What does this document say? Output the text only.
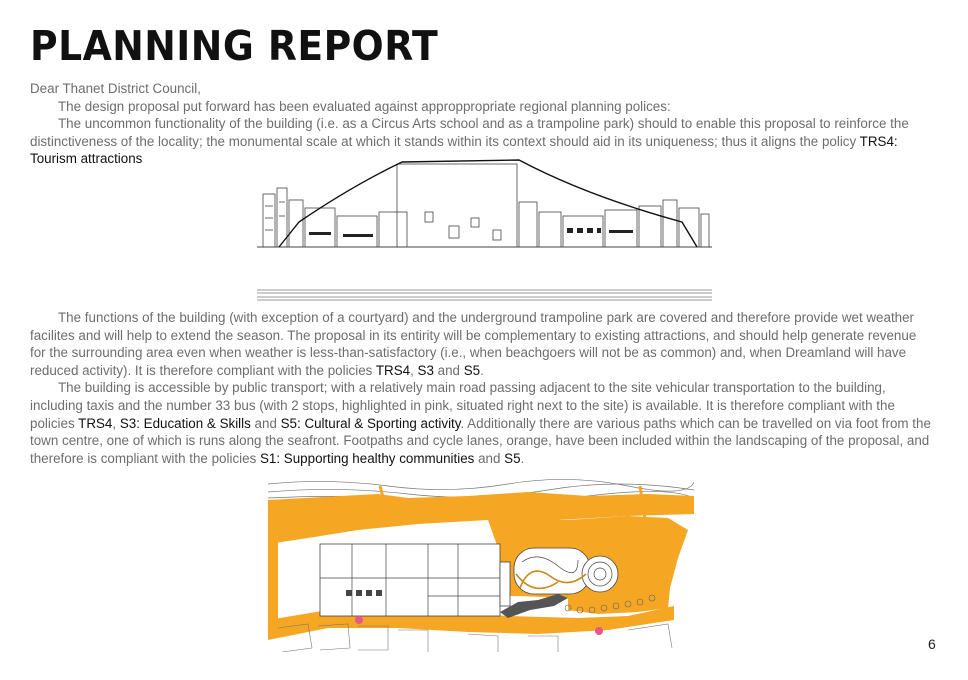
PLANNING REPORT

Dear Thanet District Council,

The design proposal put forward has been evaluated against approppropriate regional planning polices:

The uncommon functionality of the building (i.e. as a Circus Arts school and as a trampoline park) should to enable this proposal to reinforce the distinctiveness of the locality; the monumental scale at which it stands within its context should aid in its uniqueness; thus it aligns the policy TRS4: Tourism attractions

The functions of the building (with exception of a courtyard) and the underground trampoline park are covered and therefore provide wet weather facilites and will help to extend the season. The proposal in its entirity will be complementary to existing attractions, and should help generate revenue for the surrounding area even when weather is less-than-satisfactory (i.e., when beachgoers will not be as common) and, when Dreamland will have reduced activity). It is therefore compliant with the policies TRS4, S3 and S5.

The building is accessible by public transport; with a relatively main road passing adjacent to the site vehicular transportation to the building, including taxis and the number 33 bus (with 2 stops, highlighted in pink, situated right next to the site) is available. It is therefore compliant with the policies TRS4, S3: Education & Skills and S5: Cultural & Sporting activity. Additionally there are various paths which can be travelled on via foot from the town centre, one of which is runs along the seafront. Footpaths and cycle lanes, orange, have been included within the landscaping of the proposal, and therefore is compliant with the policies S1: Supporting healthy communities and S5.

6
